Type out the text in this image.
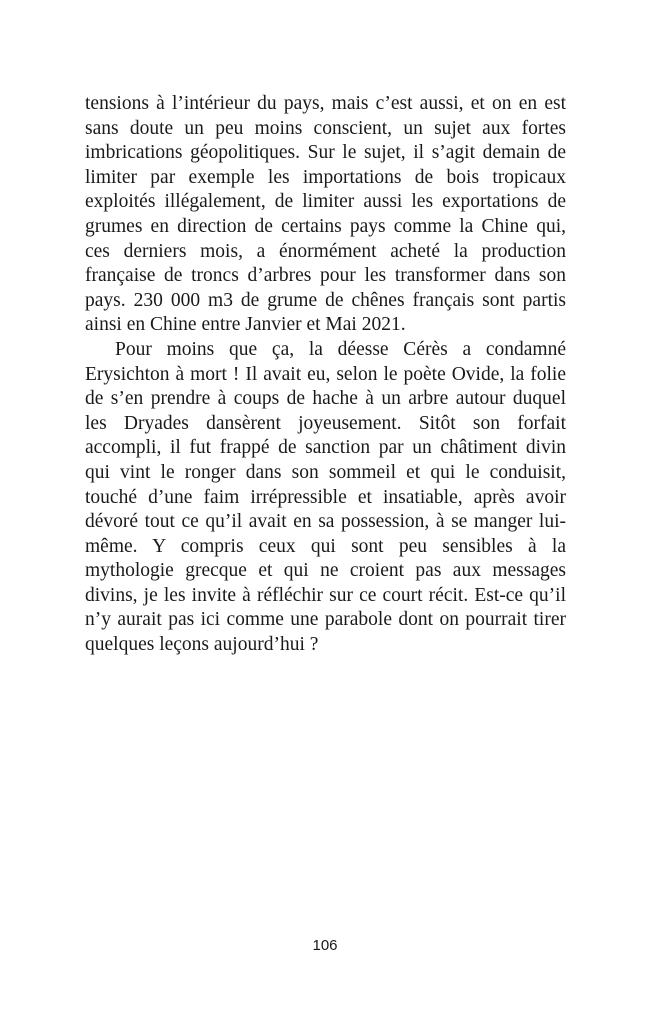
tensions à l’intérieur du pays, mais c’est aussi, et on en est
sans doute un peu moins conscient, un sujet aux fortes
imbrications géopolitiques. Sur le sujet, il s’agit demain de
limiter par exemple les importations de bois tropicaux
exploités illégalement, de limiter aussi les exportations de
grumes en direction de certains pays comme la Chine qui,
ces derniers mois, a énormément acheté la production
française de troncs d’arbres pour les transformer dans son
pays. 230 000 m3 de grume de chênes français sont partis
ainsi en Chine entre Janvier et Mai 2021.
Pour moins que ça, la déesse Cérès a condamné
Erysichton à mort ! Il avait eu, selon le poète Ovide, la folie
de s’en prendre à coups de hache à un arbre autour duquel
les Dryades dansèrent joyeusement. Sitôt son forfait
accompli, il fut frappé de sanction par un châtiment divin
qui vint le ronger dans son sommeil et qui le conduisit,
touché d’une faim irrépressible et insatiable, après avoir
dévoré tout ce qu’il avait en sa possession, à se manger lui-
même. Y compris ceux qui sont peu sensibles à la
mythologie grecque et qui ne croient pas aux messages
divins, je les invite à réfléchir sur ce court récit. Est-ce qu’il
n’y aurait pas ici comme une parabole dont on pourrait tirer
quelques leçons aujourd’hui ?
106
